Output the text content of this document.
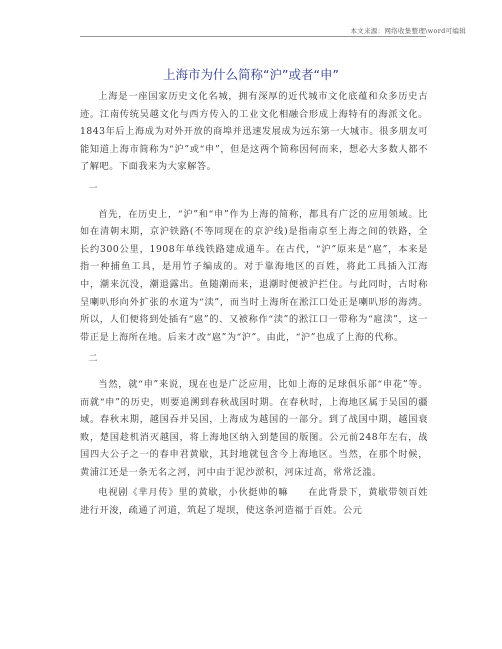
本文来源：网络收集整理\word可编辑
上海市为什么简称“沪”或者“申”

上海是一座国家历史文化名城，拥有深厚的近代城市文化底蕴和众多历史古迹。江南传统吴越文化与西方传入的工业文化相融合形成上海特有的海派文化。1843年后上海成为对外开放的商埠并迅速发展成为远东第一大城市。很多朋友可能知道上海市简称为“沪”或“申”，但是这两个简称因何而来，想必大多数人都不了解吧。下面我来为大家解答。

一

首先，在历史上，“沪”和“申”作为上海的简称，都具有广泛的应用领域。比如在清朝末期，京沪铁路(不等同现在的京沪线)是指南京至上海之间的铁路，全长约300公里，1908年单线铁路建成通车。在古代，“沪”原来是“扈”，本来是指一种捕鱼工具，是用竹子编成的。对于靠海地区的百姓，将此工具插入江海中，潮来沉没，潮退露出。鱼随潮而来，退潮时便被沪拦住。与此同时，古时称呈喇叭形向外扩张的水道为“渎”，而当时上海所在淞江口处正是喇叭形的海湾。所以，人们便将到处插有“扈”的、又被称作“渎”的淞江口一带称为“扈渎”，这一带正是上海所在地。后来才改“扈”为“沪”。由此，“沪”也成了上海的代称。

二

当然，就“申”来说，现在也是广泛应用，比如上海的足球俱乐部“申花”等。而就“申”的历史，则要追溯到春秋战国时期。在春秋时，上海地区属于吴国的疆域。春秋末期，越国吞并吴国，上海成为越国的一部分。到了战国中期，越国衰败，楚国趁机消灭越国，将上海地区纳入到楚国的版图。公元前248年左右，战国四大公子之一的春申君黄歇，其封地就包含今上海地区。当然，在那个时候，黄浦江还是一条无名之河，河中由于泥沙淤积，河床过高，常常泛滥。

电视剧《芈月传》里的黄歇，小伙挺帅的嘛　　在此背景下，黄歇带领百姓进行开浚，疏通了河道，筑起了堤坝，使这条河造福于百姓。公元
